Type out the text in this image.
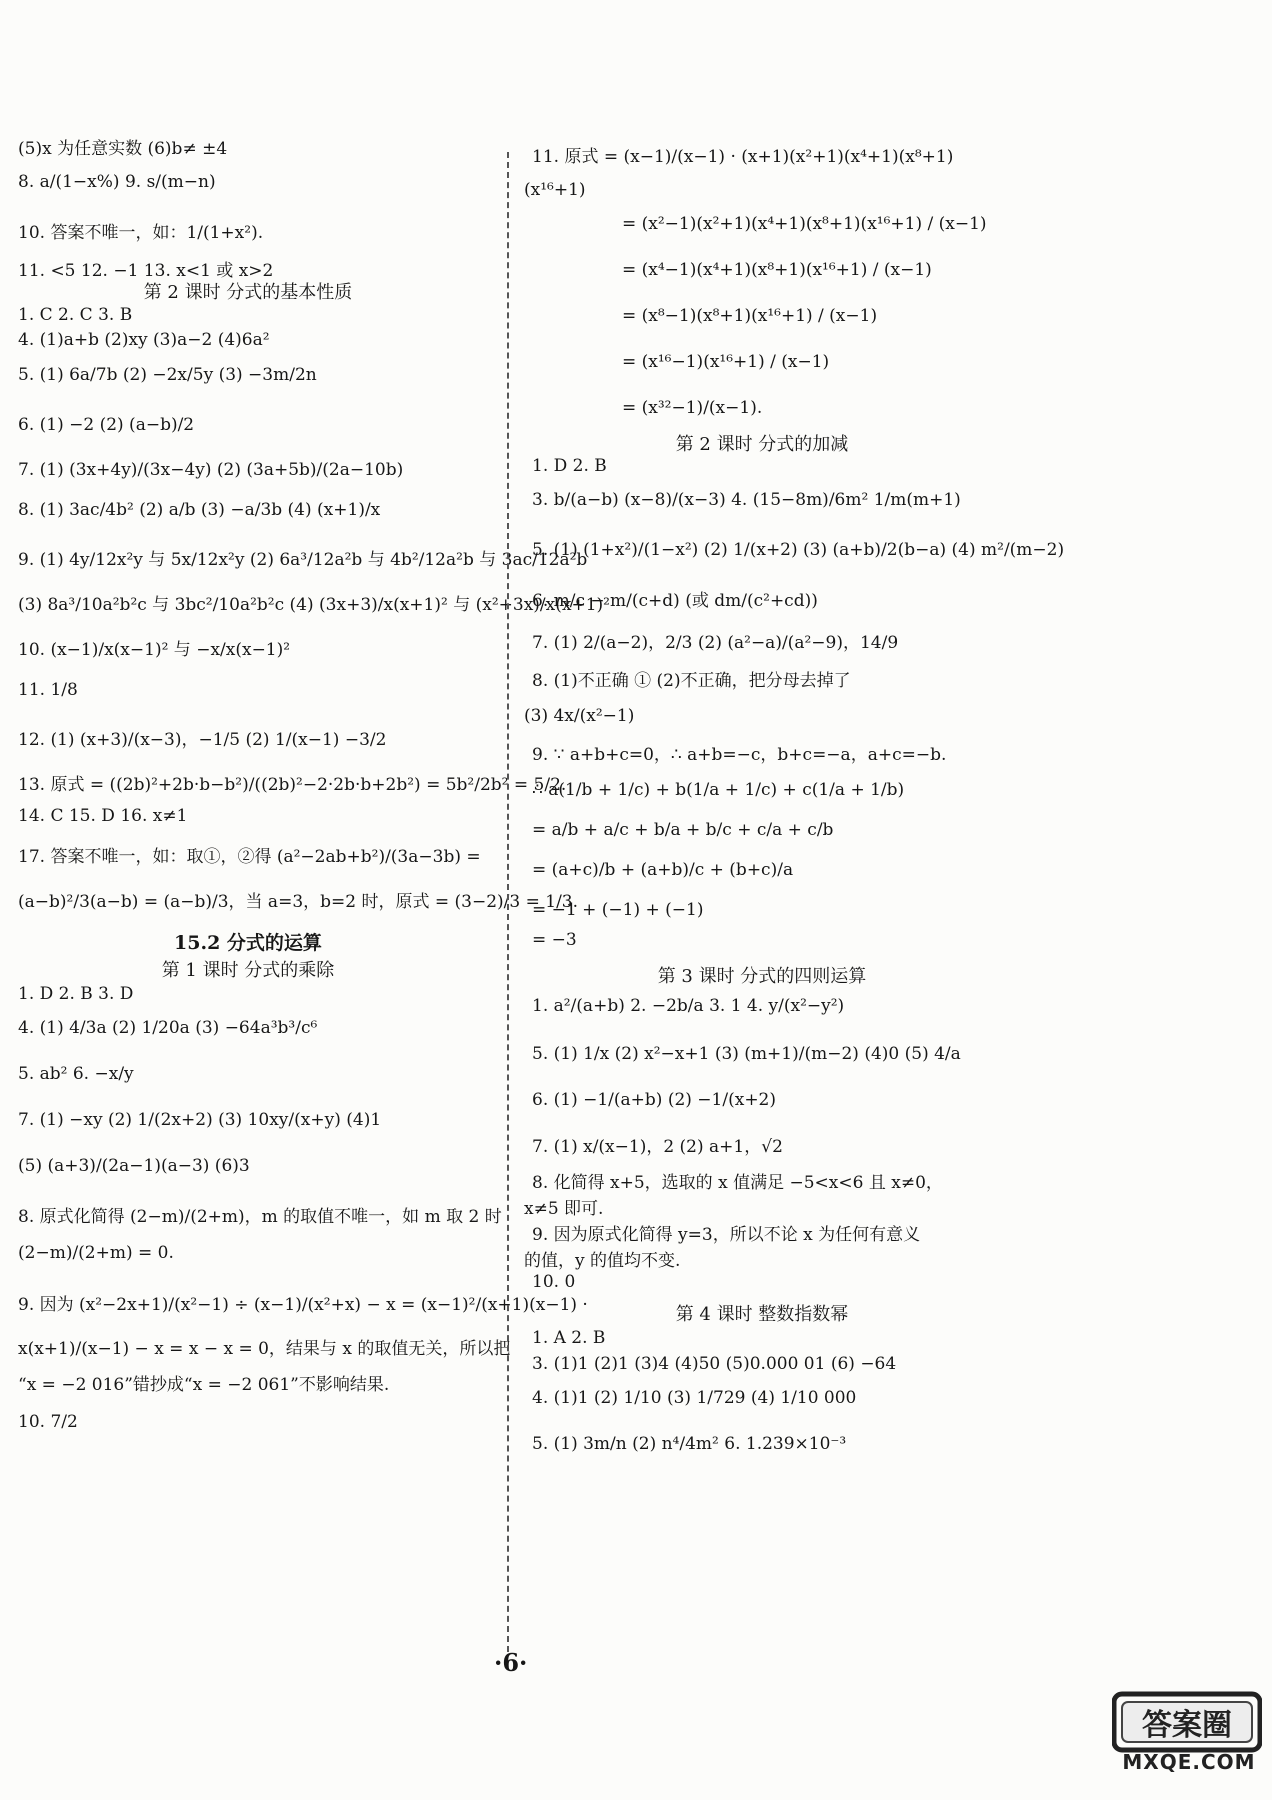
(5)x 为任意实数 (6)b≠ ±4
8. a/(1−x%) 9. s/(m−n)
10. 答案不唯一，如：1/(1+x²).
11. <5 12. −1 13. x<1 或 x>2
第 2 课时 分式的基本性质
1. C 2. C 3. B
4. (1)a+b (2)xy (3)a−2 (4)6a²
5. (1) 6a/7b (2) −2x/5y (3) −3m/2n
6. (1) −2 (2) (a−b)/2
7. (1) (3x+4y)/(3x−4y) (2) (3a+5b)/(2a−10b)
8. (1) 3ac/4b² (2) a/b (3) −a/3b (4) (x+1)/x
9. (1) 4y/12x²y 与 5x/12x²y (2) 6a³/12a²b 与 4b²/12a²b 与 3ac/12a²b
(3) 8a³/10a²b²c 与 3bc²/10a²b²c (4) (3x+3)/x(x+1)² 与 (x²+3x)/x(x+1)²
10. (x−1)/x(x−1)² 与 −x/x(x−1)²
11. 1/8
12. (1) (x+3)/(x−3)，−1/5 (2) 1/(x−1) −3/2
13. 原式 = ((2b)²+2b·b−b²)/((2b)²−2·2b·b+2b²) = 5b²/2b² = 5/2.
14. C 15. D 16. x≠1
17. 答案不唯一，如：取①，②得 (a²−2ab+b²)/(3a−3b) =
(a−b)²/3(a−b) = (a−b)/3，当 a=3，b=2 时，原式 = (3−2)/3 = 1/3.
15.2 分式的运算
第 1 课时 分式的乘除
1. D 2. B 3. D
4. (1) 4/3a (2) 1/20a (3) −64a³b³/c⁶
5. ab² 6. −x/y
7. (1) −xy (2) 1/(2x+2) (3) 10xy/(x+y) (4)1
(5) (a+3)/(2a−1)(a−3) (6)3
8. 原式化简得 (2−m)/(2+m)，m 的取值不唯一，如 m 取 2 时
(2−m)/(2+m) = 0.
9. 因为 (x²−2x+1)/(x²−1) ÷ (x−1)/(x²+x) − x = (x−1)²/(x+1)(x−1) ·
x(x+1)/(x−1) − x = x − x = 0，结果与 x 的取值无关，所以把
“x = −2 016”错抄成“x = −2 061”不影响结果.
10. 7/2
11. 原式 = (x−1)/(x−1) · (x+1)(x²+1)(x⁴+1)(x⁸+1)
(x¹⁶+1)
= (x²−1)(x²+1)(x⁴+1)(x⁸+1)(x¹⁶+1) / (x−1)
= (x⁴−1)(x⁴+1)(x⁸+1)(x¹⁶+1) / (x−1)
= (x⁸−1)(x⁸+1)(x¹⁶+1) / (x−1)
= (x¹⁶−1)(x¹⁶+1) / (x−1)
= (x³²−1)/(x−1).
第 2 课时 分式的加减
1. D 2. B
3. b/(a−b) (x−8)/(x−3) 4. (15−8m)/6m² 1/m(m+1)
5. (1) (1+x²)/(1−x²) (2) 1/(x+2) (3) (a+b)/2(b−a) (4) m²/(m−2)
6. m/c − m/(c+d) (或 dm/(c²+cd))
7. (1) 2/(a−2)，2/3 (2) (a²−a)/(a²−9)，14/9
8. (1)不正确 ① (2)不正确，把分母去掉了
(3) 4x/(x²−1)
9. ∵ a+b+c=0，∴ a+b=−c，b+c=−a，a+c=−b.
∴ a(1/b + 1/c) + b(1/a + 1/c) + c(1/a + 1/b)
= a/b + a/c + b/a + b/c + c/a + c/b
= (a+c)/b + (a+b)/c + (b+c)/a
= −1 + (−1) + (−1)
= −3
第 3 课时 分式的四则运算
1. a²/(a+b) 2. −2b/a 3. 1 4. y/(x²−y²)
5. (1) 1/x (2) x²−x+1 (3) (m+1)/(m−2) (4)0 (5) 4/a
6. (1) −1/(a+b) (2) −1/(x+2)
7. (1) x/(x−1)，2 (2) a+1，√2
8. 化简得 x+5，选取的 x 值满足 −5<x<6 且 x≠0，
x≠5 即可.
9. 因为原式化简得 y=3，所以不论 x 为任何有意义
的值，y 的值均不变.
10. 0
第 4 课时 整数指数幂
1. A 2. B
3. (1)1 (2)1 (3)4 (4)50 (5)0.000 01 (6) −64
4. (1)1 (2) 1/10 (3) 1/729 (4) 1/10 000
5. (1) 3m/n (2) n⁴/4m² 6. 1.239×10⁻³
·6·
答案圈
MXQE.COM
